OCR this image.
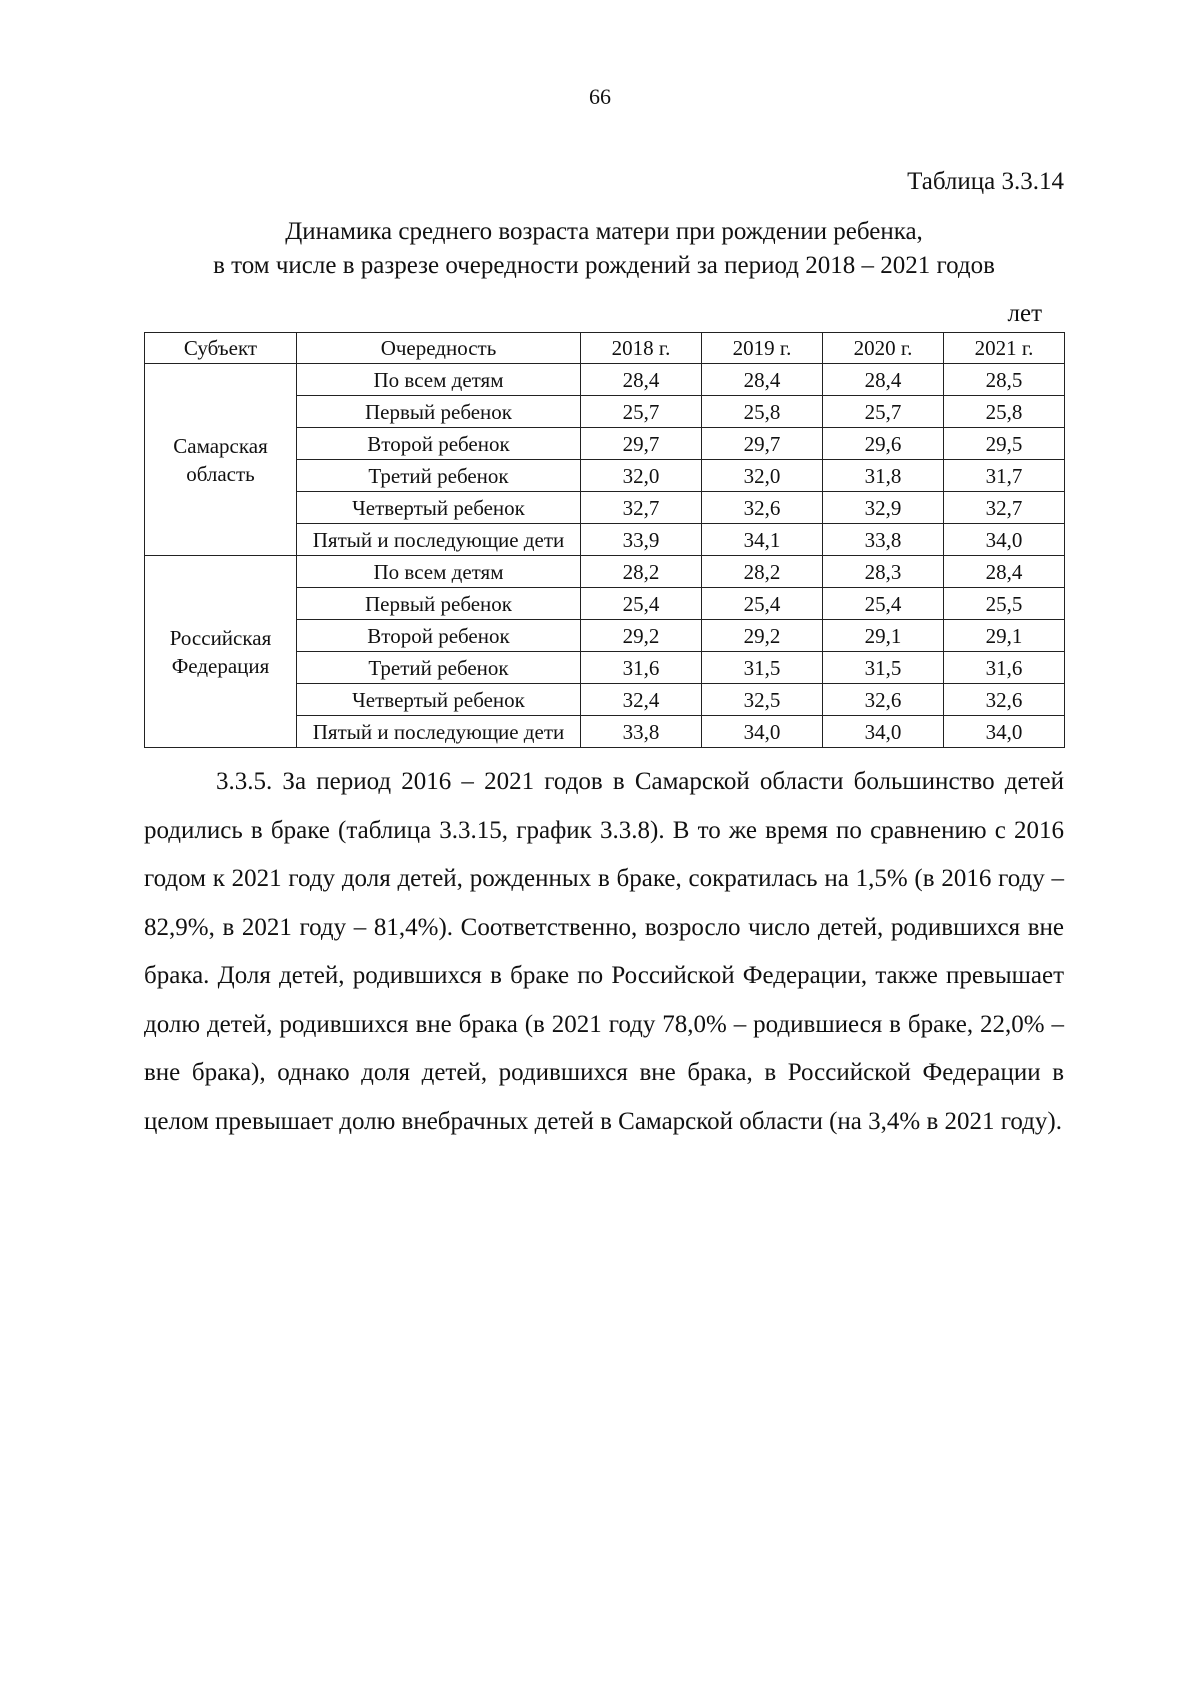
66
Таблица 3.3.14
Динамика среднего возраста матери при рождении ребенка,
в том числе в разрезе очередности рождений за период 2018 – 2021 годов
лет
Субъект	Очередность	2018 г.	2019 г.	2020 г.	2021 г.

Самарская
область	По всем детям	28,4	28,4	28,4	28,5
	Первый ребенок	25,7	25,8	25,7	25,8
	Второй ребенок	29,7	29,7	29,6	29,5
	Третий ребенок	32,0	32,0	31,8	31,7
	Четвертый ребенок	32,7	32,6	32,9	32,7
	Пятый и последующие дети	33,9	34,1	33,8	34,0

Российская
Федерация	По всем детям	28,2	28,2	28,3	28,4
	Первый ребенок	25,4	25,4	25,4	25,5
	Второй ребенок	29,2	29,2	29,1	29,1
	Третий ребенок	31,6	31,5	31,5	31,6
	Четвертый ребенок	32,4	32,5	32,6	32,6
	Пятый и последующие дети	33,8	34,0	34,0	34,0

3.3.5. За период 2016 – 2021 годов в Самарской области большинство детей родились в браке (таблица 3.3.15, график 3.3.8). В то же время по сравнению с 2016 годом к 2021 году доля детей, рожденных в браке, сократилась на 1,5% (в 2016 году – 82,9%, в 2021 году – 81,4%). Соответственно, возросло число детей, родившихся вне брака. Доля детей, родившихся в браке по Российской Федерации, также превышает долю детей, родившихся вне брака (в 2021 году 78,0% – родившиеся в браке, 22,0% – вне брака), однако доля детей, родившихся вне брака, в Российской Федерации в целом превышает долю внебрачных детей в Самарской области (на 3,4% в 2021 году).
